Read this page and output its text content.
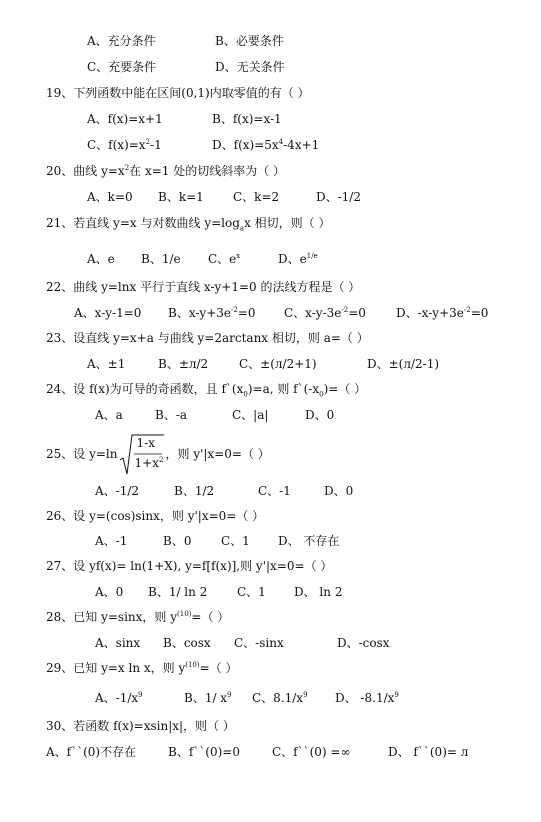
A、充分条件	B、必要条件
C、充要条件	D、无关条件
19、下列函数中能在区间(0,1)内取零值的有（ ）
A、f(x)=x+1	B、f(x)=x-1
C、$f(x)=x^2-1$	D、$f(x)=5x^4-4x+1$
20、曲线 $y=x^2$在 x=1 处的切线斜率为（ ）
A、k=0 B、k=1 C、k=2	D、-1/2
21、若直线 y=x 与对数曲线 $y=\log_ax$ 相切，则（ ）
A、e B、1/e C、$e^x$	D、$e^{1/e}$
22、曲线 y=lnx 平行于直线 x-y+1=0 的法线方程是（ ）
A、x-y-1=0 B、$x-y+3e^{-2}=0$ C、$x-y-3e^{-2}=0$	D、$-x-y+3e^{-2}=0$
23、设直线 y=x+a 与曲线 y=2arctanx 相切，则 a=（ ）
A、±1	B、±л/2	C、±(л/2+1)	D、±(л/2-1)
24、设 f(x)为可导的奇函数，且 $f`(x_0)=a$, 则 $f`(-x_0)=$（ ）
A、a	B、-a	C、|a|	D、0
25、设 y=ln
1-x
$1+x^2$ ，则 y'|x=0=（ ）
A、-1/2	B、1/2	C、-1	D、0
26、设 y=(cos)sinx，则 y'|x=0=（ ）
A、-1	B、0 C、1 D、 不存在
27、设 yf(x)= ln(1+X), y=f[f(x)],则 y'|x=0=（ ）
A、0 B、1/ ln 2 C、1 D、 ln 2
28、已知 y=sinx，则 $y^{(10)}=$（ ）
A、sinx B、cosx C、-sinx	D、-cosx
29、已知 y=x ln x，则 $y^{(10)}=$（ ）
A、$-1/x^9$	B、1/ $x^9$ C、$8.1/x^9$ D、 $-8.1/x^9$
30、若函数 f(x)=xsin|x|，则（ ）
A、f``(0)不存在	B、f``(0)=0	C、f``(0) =∞	D、 f``(0)= л
